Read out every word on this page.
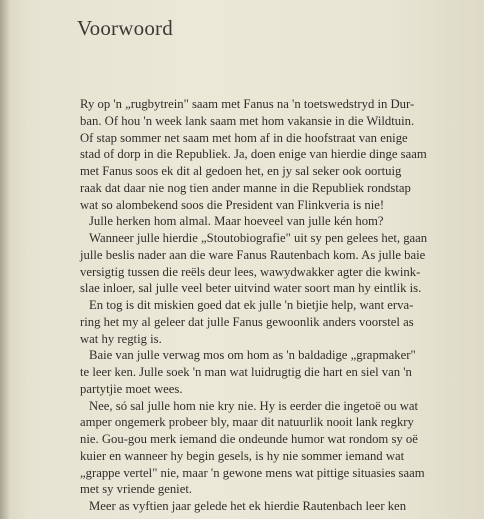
Voorwoord
Ry op 'n „rugbytrein" saam met Fanus na 'n toetswedstryd in Dur-
ban. Of hou 'n week lank saam met hom vakansie in die Wildtuin.
Of stap sommer net saam met hom af in die hoofstraat van enige
stad of dorp in die Republiek. Ja, doen enige van hierdie dinge saam
met Fanus soos ek dit al gedoen het, en jy sal seker ook oortuig
raak dat daar nie nog tien ander manne in die Republiek rondstap
wat so alombekend soos die President van Flinkveria is nie!
Julle herken hom almal. Maar hoeveel van julle kén hom?
Wanneer julle hierdie „Stoutobiografie" uit sy pen gelees het, gaan
julle beslis nader aan die ware Fanus Rautenbach kom. As julle baie
versigtig tussen die reëls deur lees, wawydwakker agter die kwink-
slae inloer, sal julle veel beter uitvind water soort man hy eintlik is.
En tog is dit miskien goed dat ek julle 'n bietjie help, want erva-
ring het my al geleer dat julle Fanus gewoonlik anders voorstel as
wat hy regtig is.
Baie van julle verwag mos om hom as 'n baldadige „grapmaker"
te leer ken. Julle soek 'n man wat luidrugtig die hart en siel van 'n
partytjie moet wees.
Nee, só sal julle hom nie kry nie. Hy is eerder die ingetoë ou wat
amper ongemerk probeer bly, maar dit natuurlik nooit lank regkry
nie. Gou-gou merk iemand die ondeunde humor wat rondom sy oë
kuier en wanneer hy begin gesels, is hy nie sommer iemand wat
„grappe vertel" nie, maar 'n gewone mens wat pittige situasies saam
met sy vriende geniet.
Meer as vyftien jaar gelede het ek hierdie Rautenbach leer ken
